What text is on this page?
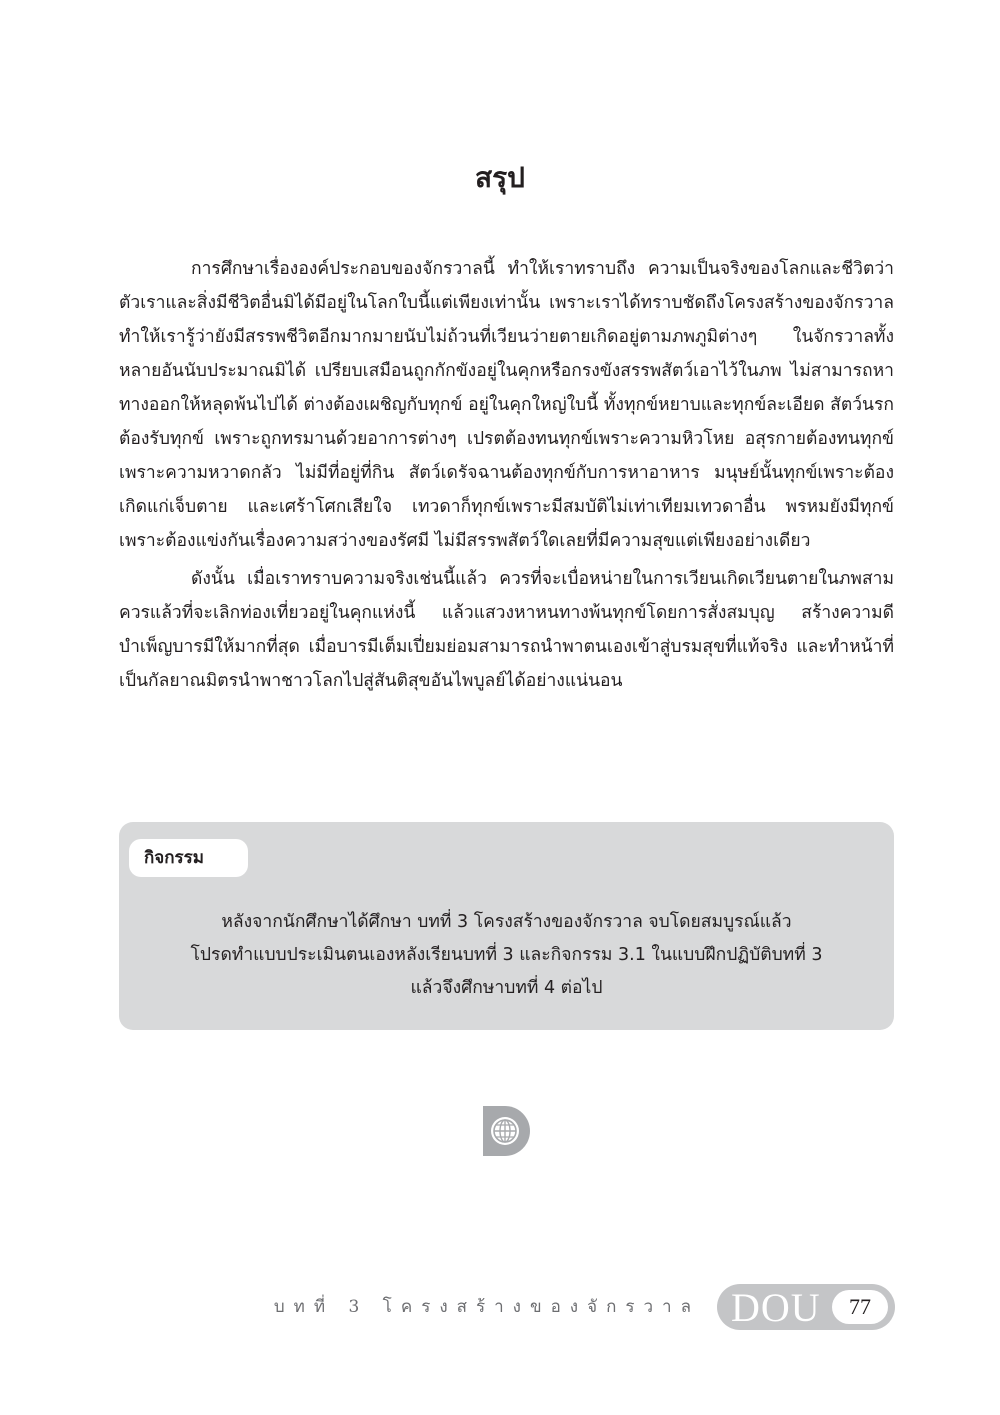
สรุป

การศึกษาเรื่ององค์ประกอบของจักรวาลนี้ ทำให้เราทราบถึง ความเป็นจริงของโลกและชีวิตว่าตัวเราและสิ่งมีชีวิตอื่นมิได้มีอยู่ในโลกใบนี้แต่เพียงเท่านั้น เพราะเราได้ทราบชัดถึงโครงสร้างของจักรวาลทำให้เรารู้ว่ายังมีสรรพชีวิตอีกมากมายนับไม่ถ้วนที่เวียนว่ายตายเกิดอยู่ตามภพภูมิต่างๆ ในจักรวาลทั้งหลายอันนับประมาณมิได้ เปรียบเสมือนถูกกักขังอยู่ในคุกหรือกรงขังสรรพสัตว์เอาไว้ในภพ ไม่สามารถหาทางออกให้หลุดพ้นไปได้ ต่างต้องเผชิญกับทุกข์ อยู่ในคุกใหญ่ใบนี้ ทั้งทุกข์หยาบและทุกข์ละเอียด สัตว์นรกต้องรับทุกข์ เพราะถูกทรมานด้วยอาการต่างๆ เปรตต้องทนทุกข์เพราะความหิวโหย อสุรกายต้องทนทุกข์เพราะความหวาดกลัว ไม่มีที่อยู่ที่กิน สัตว์เดรัจฉานต้องทุกข์กับการหาอาหาร มนุษย์นั้นทุกข์เพราะต้องเกิดแก่เจ็บตาย และเศร้าโศกเสียใจ เทวดาก็ทุกข์เพราะมีสมบัติไม่เท่าเทียมเทวดาอื่น พรหมยังมีทุกข์เพราะต้องแข่งกันเรื่องความสว่างของรัศมี ไม่มีสรรพสัตว์ใดเลยที่มีความสุขแต่เพียงอย่างเดียว

ดังนั้น เมื่อเราทราบความจริงเช่นนี้แล้ว ควรที่จะเบื่อหน่ายในการเวียนเกิดเวียนตายในภพสาม ควรแล้วที่จะเลิกท่องเที่ยวอยู่ในคุกแห่งนี้ แล้วแสวงหาหนทางพ้นทุกข์โดยการสั่งสมบุญ สร้างความดี บำเพ็ญบารมีให้มากที่สุด เมื่อบารมีเต็มเปี่ยมย่อมสามารถนำพาตนเองเข้าสู่บรมสุขที่แท้จริง และทำหน้าที่เป็นกัลยาณมิตรนำพาชาวโลกไปสู่สันติสุขอันไพบูลย์ได้อย่างแน่นอน

กิจกรรม
หลังจากนักศึกษาได้ศึกษา บทที่ 3 โครงสร้างของจักรวาล จบโดยสมบูรณ์แล้ว
โปรดทำแบบประเมินตนเองหลังเรียนบทที่ 3 และกิจกรรม 3.1 ในแบบฝึกปฏิบัติบทที่ 3
แล้วจึงศึกษาบทที่ 4 ต่อไป
บทที่ 3 โครงสร้างของจักรวาล DOU	77
